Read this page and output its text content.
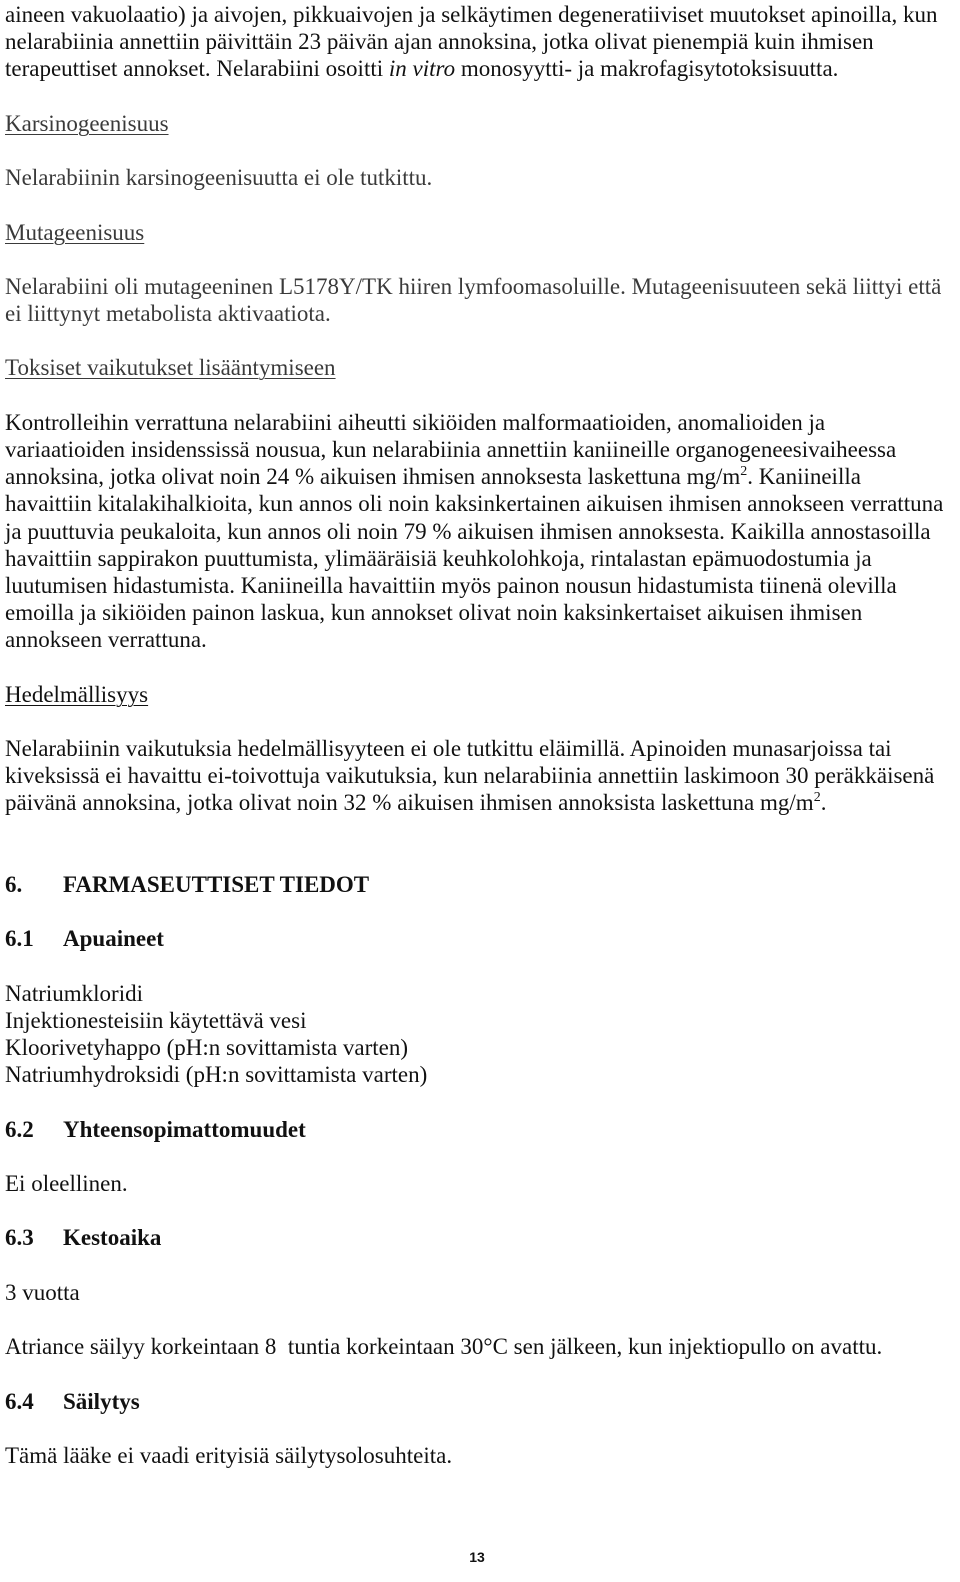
aineen vakuolaatio) ja aivojen, pikkuaivojen ja selkäytimen degeneratiiviset muutokset apinoilla, kun
nelarabiinia annettiin päivittäin 23 päivän ajan annoksina, jotka olivat pienempiä kuin ihmisen
terapeuttiset annokset. Nelarabiini osoitti in vitro monosyytti- ja makrofagisytotoksisuutta.
Karsinogeenisuus
Nelarabiinin karsinogeenisuutta ei ole tutkittu.
Mutageenisuus
Nelarabiini oli mutageeninen L5178Y/TK hiiren lymfoomasoluille. Mutageenisuuteen sekä liittyi että
ei liittynyt metabolista aktivaatiota.
Toksiset vaikutukset lisääntymiseen
Kontrolleihin verrattuna nelarabiini aiheutti sikiöiden malformaatioiden, anomalioiden ja
variaatioiden insidenssissä nousua, kun nelarabiinia annettiin kaniineille organogeneesivaiheessa
annoksina, jotka olivat noin 24 % aikuisen ihmisen annoksesta laskettuna $mg/m^2$. Kaniineilla
havaittiin kitalakihalkioita, kun annos oli noin kaksinkertainen aikuisen ihmisen annokseen verrattuna
ja puuttuvia peukaloita, kun annos oli noin 79 % aikuisen ihmisen annoksesta. Kaikilla annostasoilla
havaittiin sappirakon puuttumista, ylimääräisiä keuhkolohkoja, rintalastan epämuodostumia ja
luutumisen hidastumista. Kaniineilla havaittiin myös painon nousun hidastumista tiinenä olevilla
emoilla ja sikiöiden painon laskua, kun annokset olivat noin kaksinkertaiset aikuisen ihmisen
annokseen verrattuna.
Hedelmällisyys
Nelarabiinin vaikutuksia hedelmällisyyteen ei ole tutkittu eläimillä. Apinoiden munasarjoissa tai
kiveksissä ei havaittu ei-toivottuja vaikutuksia, kun nelarabiinia annettiin laskimoon 30 peräkkäisenä
päivänä annoksina, jotka olivat noin 32 % aikuisen ihmisen annoksista laskettuna $mg/m^2$.
6. FARMASEUTTISET TIEDOT
6.1 Apuaineet
Natriumkloridi
Injektionesteisiin käytettävä vesi
Kloorivetyhappo (pH:n sovittamista varten)
Natriumhydroksidi (pH:n sovittamista varten)
6.2 Yhteensopimattomuudet
Ei oleellinen.
6.3 Kestoaika
3 vuotta
Atriance säilyy korkeintaan 8  tuntia korkeintaan 30°C sen jälkeen, kun injektiopullo on avattu.
6.4 Säilytys
Tämä lääke ei vaadi erityisiä säilytysolosuhteita.
13
